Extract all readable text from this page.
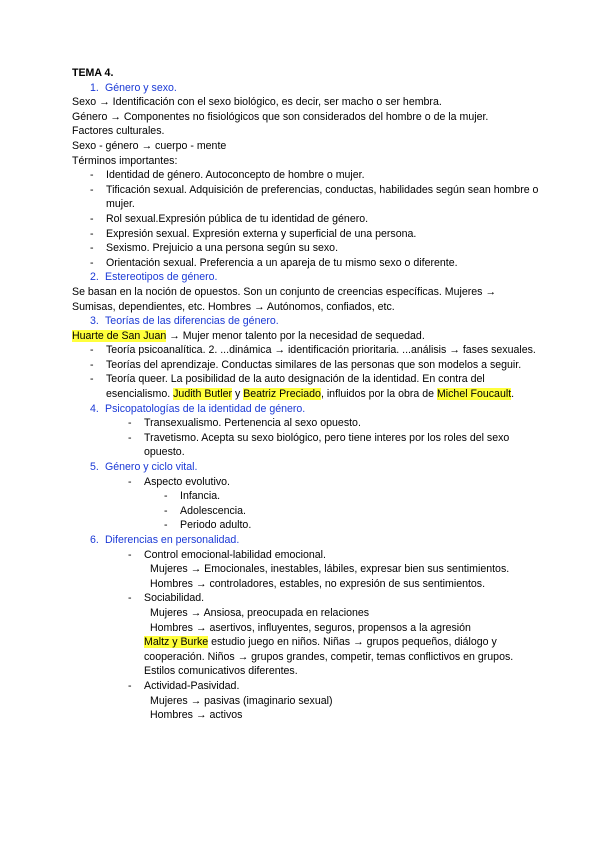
TEMA 4.
1. Género y sexo.
Sexo → Identificación con el sexo biológico, es decir, ser macho o ser hembra.
Género → Componentes no fisiológicos que son considerados del hombre o de la mujer.
Factores culturales.
Sexo - género → cuerpo - mente
Términos importantes:
- Identidad de género. Autoconcepto de hombre o mujer.
- Tificación sexual. Adquisición de preferencias, conductas, habilidades según sean hombre o mujer.
- Rol sexual.Expresión pública de tu identidad de género.
- Expresión sexual. Expresión externa y superficial de una persona.
- Sexismo. Prejuicio a una persona según su sexo.
- Orientación sexual. Preferencia a un apareja de tu mismo sexo o diferente.
2. Estereotipos de género.
Se basan en la noción de opuestos. Son un conjunto de creencias específicas. Mujeres → Sumisas, dependientes, etc. Hombres → Autónomos, confiados, etc.
3. Teorías de las diferencias de género.
Huarte de San Juan → Mujer menor talento por la necesidad de sequedad.
- Teoría psicoanalítica. 2. ...dinámica → identificación prioritaria. ...análisis → fases sexuales.
- Teorías del aprendizaje. Conductas similares de las personas que son modelos a seguir.
- Teoría queer. La posibilidad de la auto designación de la identidad. En contra del esencialismo. Judith Butler y Beatriz Preciado, influidos por la obra de Michel Foucault.
4. Psicopatologías de la identidad de género.
- Transexualismo. Pertenencia al sexo opuesto.
- Travetismo. Acepta su sexo biológico, pero tiene interes por los roles del sexo opuesto.
5. Género y ciclo vital.
- Aspecto evolutivo.
- Infancia.
- Adolescencia.
- Periodo adulto.
6. Diferencias en personalidad.
- Control emocional-labilidad emocional.
Mujeres → Emocionales, inestables, lábiles, expresar bien sus sentimientos.
Hombres → controladores, estables, no expresión de sus sentimientos.
- Sociabilidad.
Mujeres → Ansiosa, preocupada en relaciones
Hombres → asertivos, influyentes, seguros, propensos a la agresión
Maltz y Burke estudio juego en niños. Niñas → grupos pequeños, diálogo y cooperación. Niños → grupos grandes, competir, temas conflictivos en grupos. Estilos comunicativos diferentes.
- Actividad-Pasividad.
Mujeres → pasivas (imaginario sexual)
Hombres → activos
